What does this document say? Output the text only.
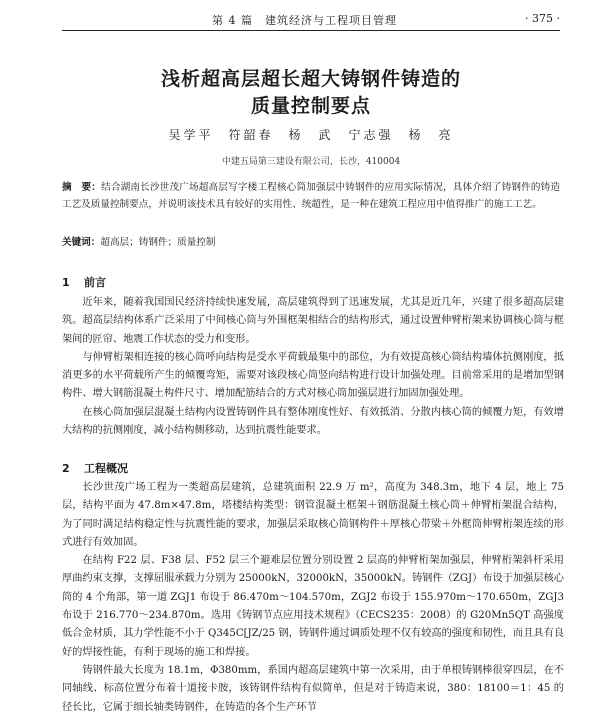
第 4 篇　建筑经济与工程项目管理	· 375 ·
浅析超高层超长超大铸钢件铸造的
质量控制要点
吴学平　符韶春　杨　武　宁志强　杨　亮
中建五局第三建设有限公司，长沙，410004
摘　要：结合湖南长沙世茂广场超高层写字楼工程核心筒加强层中铸钢件的应用实际情况，具体介绍了铸钢件的铸造工艺及质量控制要点，并说明该技术具有较好的实用性、统超性，是一种在建筑工程应用中值得推广的施工工艺。
关键词：超高层；铸钢件；质量控制
1 前言

近年来，随着我国国民经济持续快速发展，高层建筑得到了迅速发展，尤其是近几年，兴建了很多超高层建筑。超高层结构体系广泛采用了中间核心筒与外围框架相结合的结构形式，通过设置伸臂桁架来协调核心筒与框架间的匠帘、地震工作状态的受力和变形。

与伸臂桁架相连接的核心筒呼向结构是受水平荷载最集中的部位，为有效提高核心筒结构墙体抗侧刚度，抵消更多的水平荷载所产生的倾覆弯矩，需要对该段核心筒竖向结构进行设计加强处理。目前常采用的是增加型钢构件、增大钢筋混凝土构件尺寸、增加配筋结合的方式对核心筒加强层进行加固加强处理。

在核心筒加强层混凝土结构内设置铸钢件具有整体刚度性好、有效抵消、分散内核心筒的倾覆力矩，有效增大结构的抗侧刚度，减小结构侧移动，达到抗震性能要求。

2 工程概况

长沙世茂广场工程为一类超高层建筑，总建筑面积 22.9 万 m²，高度为 348.3m，地下 4 层，地上 75 层，结构平面为 47.8m×47.8m，塔楼结构类型：钢管混凝土框架＋钢筋混凝土核心筒＋伸臂桁架混合结构，为了同时满足结构稳定性与抗震性能的要求，加强层采取核心筒钢构件＋厚核心带梁＋外框筒伸臂桁架连续的形式进行有效加固。

在结构 F22 层、F38 层、F52 层三个避难层位置分别设置 2 层高的伸臂桁架加强层，伸臂桁架斜杆采用厚曲约束支撑，支撑屈服承载力分别为 25000kN，32000kN，35000kN。铸钢件（ZGJ）布设于加强层核心筒的 4 个角部，第一道 ZGJ1 布设于 86.470m～104.570m，ZGJ2 布设于 155.970m～170.650m，ZGJ3 布设于 216.770～234.870m。选用《铸钢节点应用技术规程》（CECS235：2008）的 G20Mn5QT 高强度低合金材质，其力学性能不小于 Q345C[JZ/25 钢，铸钢件通过调质处理不仅有较高的强度和韧性，而且具有良好的焊接性能，有利于现场的施工和焊接。

铸钢件最大长度为 18.1m，Φ380mm，系国内超高层建筑中第一次采用，由于单根铸钢棒很穿四层，在不同轴线、标高位置分布着十道接卡胺，该铸钢件结构有似简单，但是对于铸造来说，380：18100＝1：45 的径长比，它属于细长轴类铸钢件，在铸造的各个生产环节
